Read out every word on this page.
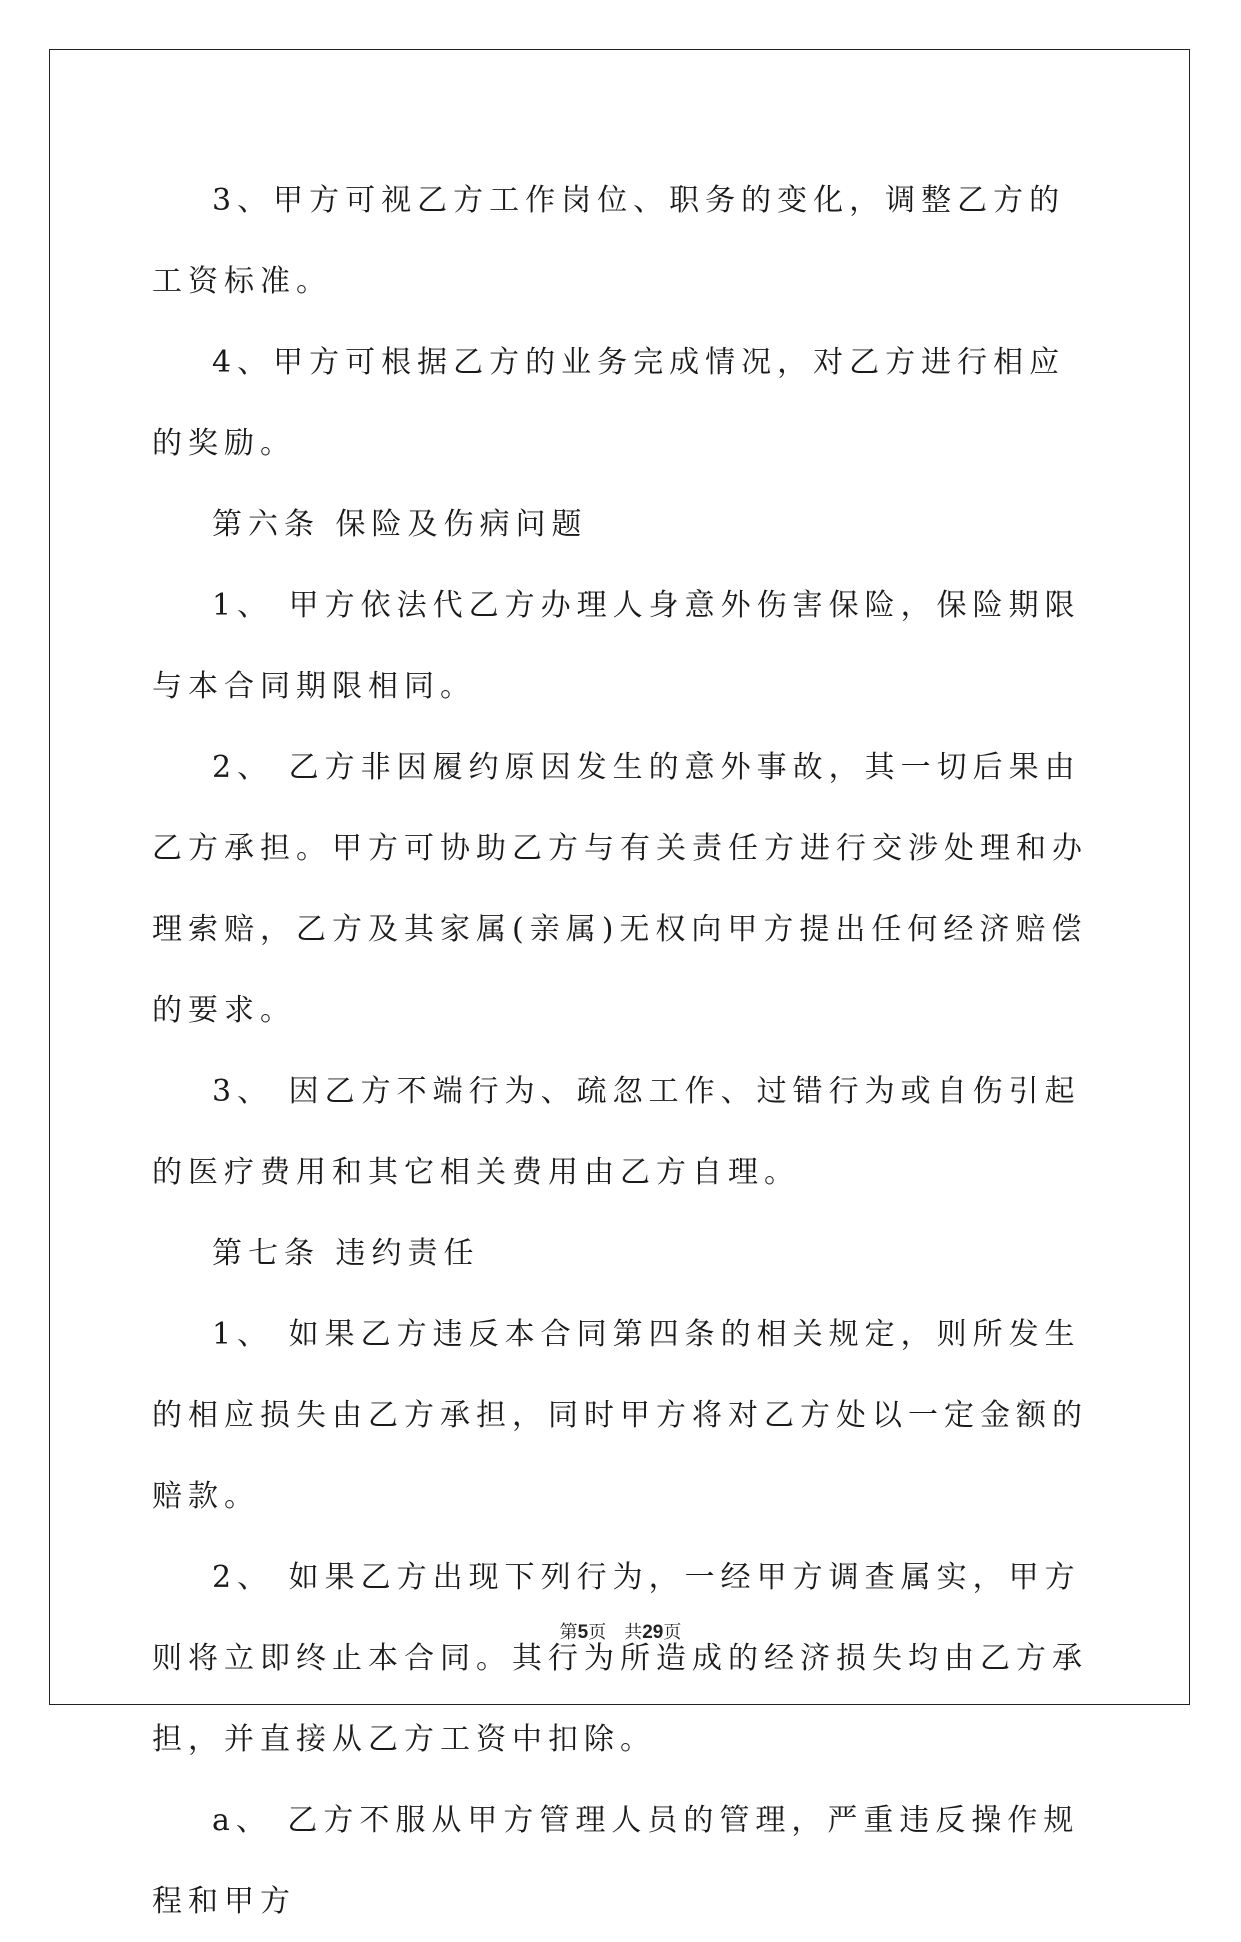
3、甲方可视乙方工作岗位、职务的变化，调整乙方的工资标准。

4、甲方可根据乙方的业务完成情况，对乙方进行相应的奖励。

第六条 保险及伤病问题

1、 甲方依法代乙方办理人身意外伤害保险，保险期限与本合同期限相同。

2、 乙方非因履约原因发生的意外事故，其一切后果由乙方承担。甲方可协助乙方与有关责任方进行交涉处理和办理索赔，乙方及其家属(亲属)无权向甲方提出任何经济赔偿的要求。

3、 因乙方不端行为、疏忽工作、过错行为或自伤引起的医疗费用和其它相关费用由乙方自理。

第七条 违约责任

1、 如果乙方违反本合同第四条的相关规定，则所发生的相应损失由乙方承担，同时甲方将对乙方处以一定金额的赔款。

2、 如果乙方出现下列行为，一经甲方调查属实，甲方则将立即终止本合同。其行为所造成的经济损失均由乙方承担，并直接从乙方工资中扣除。

a、 乙方不服从甲方管理人员的管理，严重违反操作规程和甲方

第5页 共29页
